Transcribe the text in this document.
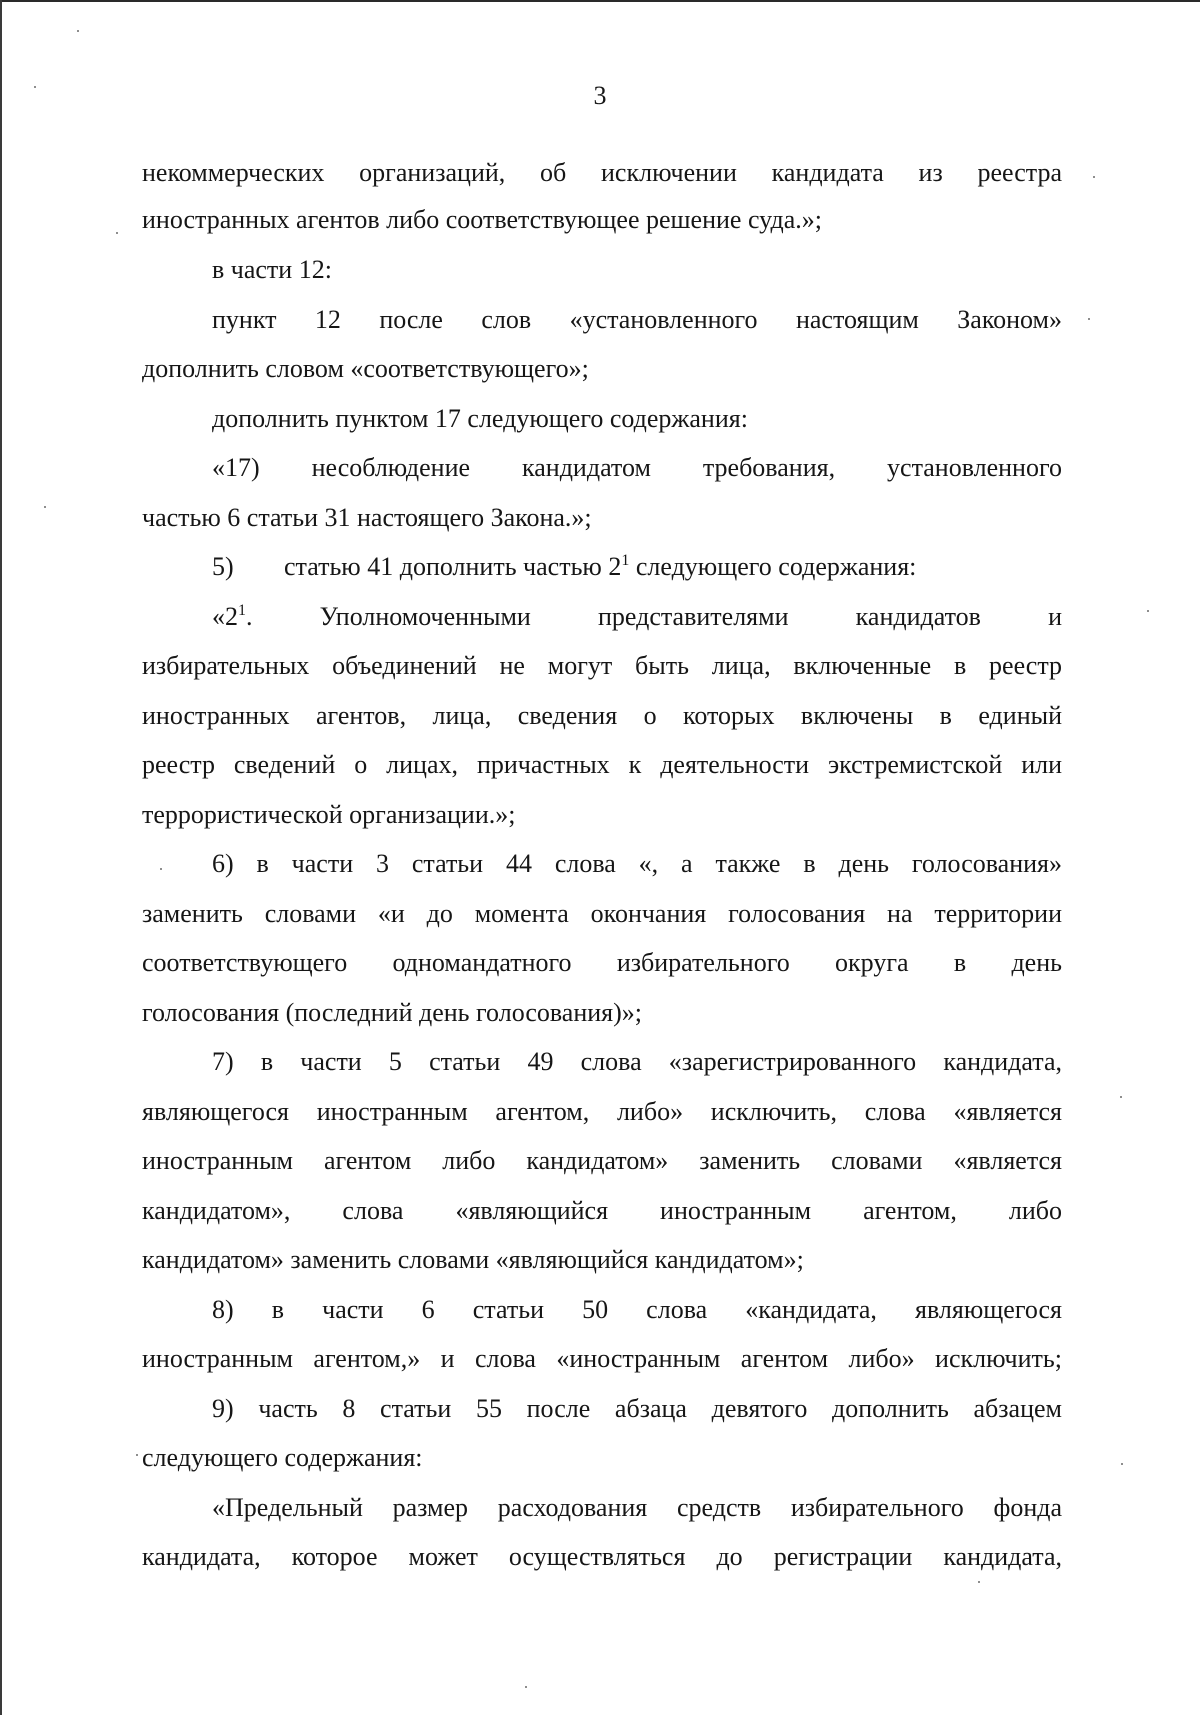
3
некоммерческих организаций, об исключении кандидата из реестра
иностранных агентов либо соответствующее решение суда.»;
в части 12:
пункт 12 после слов «установленного настоящим Законом»
дополнить словом «соответствующего»;
дополнить пунктом 17 следующего содержания:
«17) несоблюдение кандидатом требования, установленного
частью 6 статьи 31 настоящего Закона.»;
5) статью 41 дополнить частью $2^1$ следующего содержания:
«$2^1$. Уполномоченными представителями кандидатов и
избирательных объединений не могут быть лица, включенные в реестр
иностранных агентов, лица, сведения о которых включены в единый
реестр сведений о лицах, причастных к деятельности экстремистской или
террористической организации.»;
6) в части 3 статьи 44 слова «, а также в день голосования»
заменить словами «и до момента окончания голосования на территории
соответствующего одномандатного избирательного округа в день
голосования (последний день голосования)»;
7) в части 5 статьи 49 слова «зарегистрированного кандидата,
являющегося иностранным агентом, либо» исключить, слова «является
иностранным агентом либо кандидатом» заменить словами «является
кандидатом», слова «являющийся иностранным агентом, либо
кандидатом» заменить словами «являющийся кандидатом»;
8) в части 6 статьи 50 слова «кандидата, являющегося
иностранным агентом,» и слова «иностранным агентом либо» исключить;
9) часть 8 статьи 55 после абзаца девятого дополнить абзацем
следующего содержания:
«Предельный размер расходования средств избирательного фонда
кандидата, которое может осуществляться до регистрации кандидата,
